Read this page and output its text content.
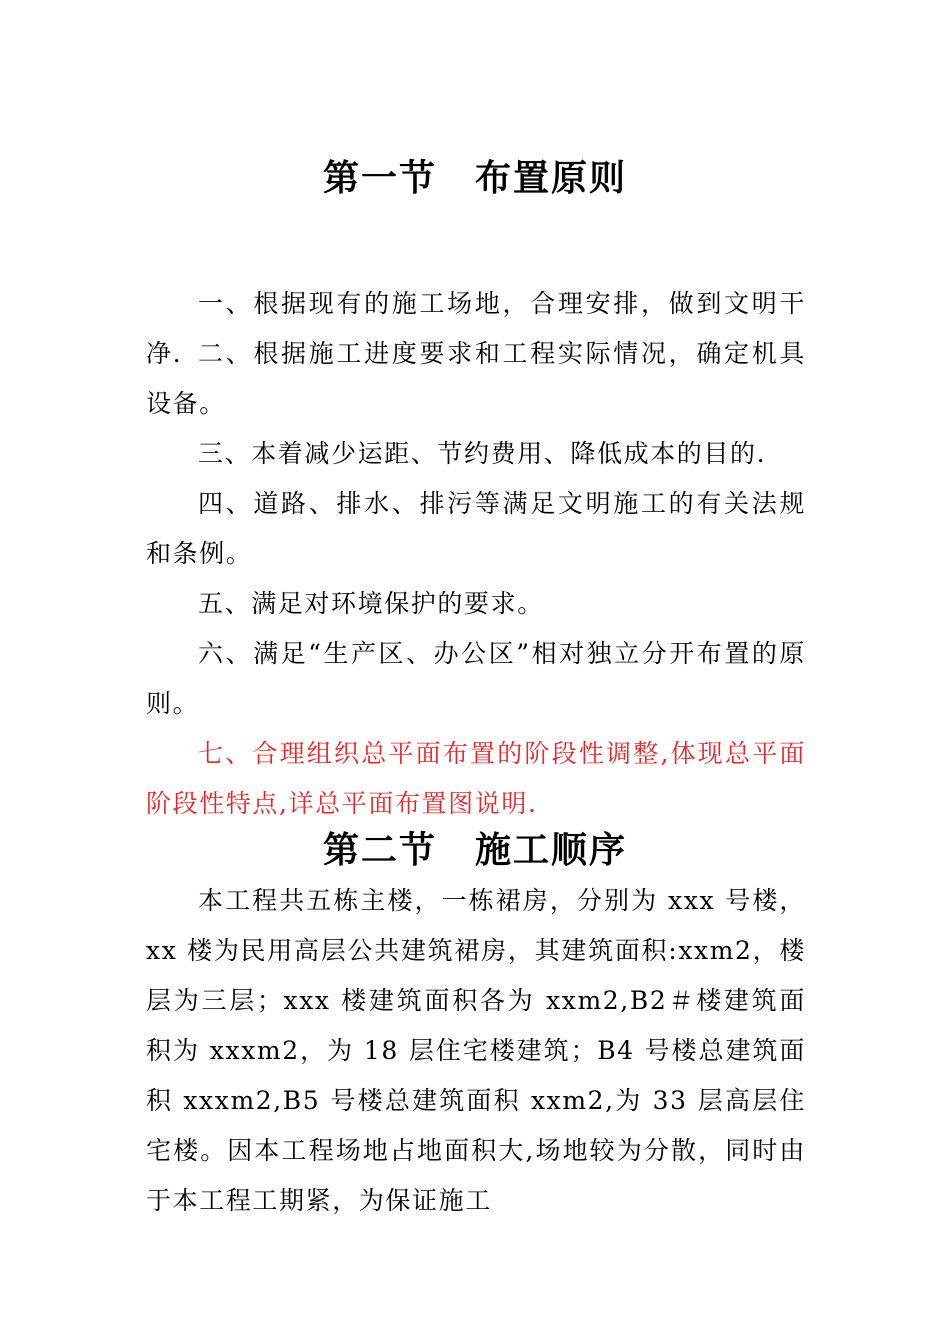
第一节　布置原则

一、根据现有的施工场地，合理安排，做到文明干净. 二、根据施工进度要求和工程实际情况，确定机具设备。

三、本着减少运距、节约费用、降低成本的目的.

四、道路、排水、排污等满足文明施工的有关法规和条例。

五、满足对环境保护的要求。

六、满足“生产区、办公区”相对独立分开布置的原则。

七、合理组织总平面布置的阶段性调整,体现总平面阶段性特点,详总平面布置图说明.

第二节　施工顺序

本工程共五栋主楼，一栋裙房，分别为 xxx 号楼， xx 楼为民用高层公共建筑裙房，其建筑面积:xxm2，楼层为三层；xxx 楼建筑面积各为 xxm2,B2＃楼建筑面积为 xxxm2，为 18 层住宅楼建筑；B4 号楼总建筑面积 xxxm2,B5 号楼总建筑面积 xxm2,为 33 层高层住宅楼。因本工程场地占地面积大,场地较为分散，同时由于本工程工期紧，为保证施工
